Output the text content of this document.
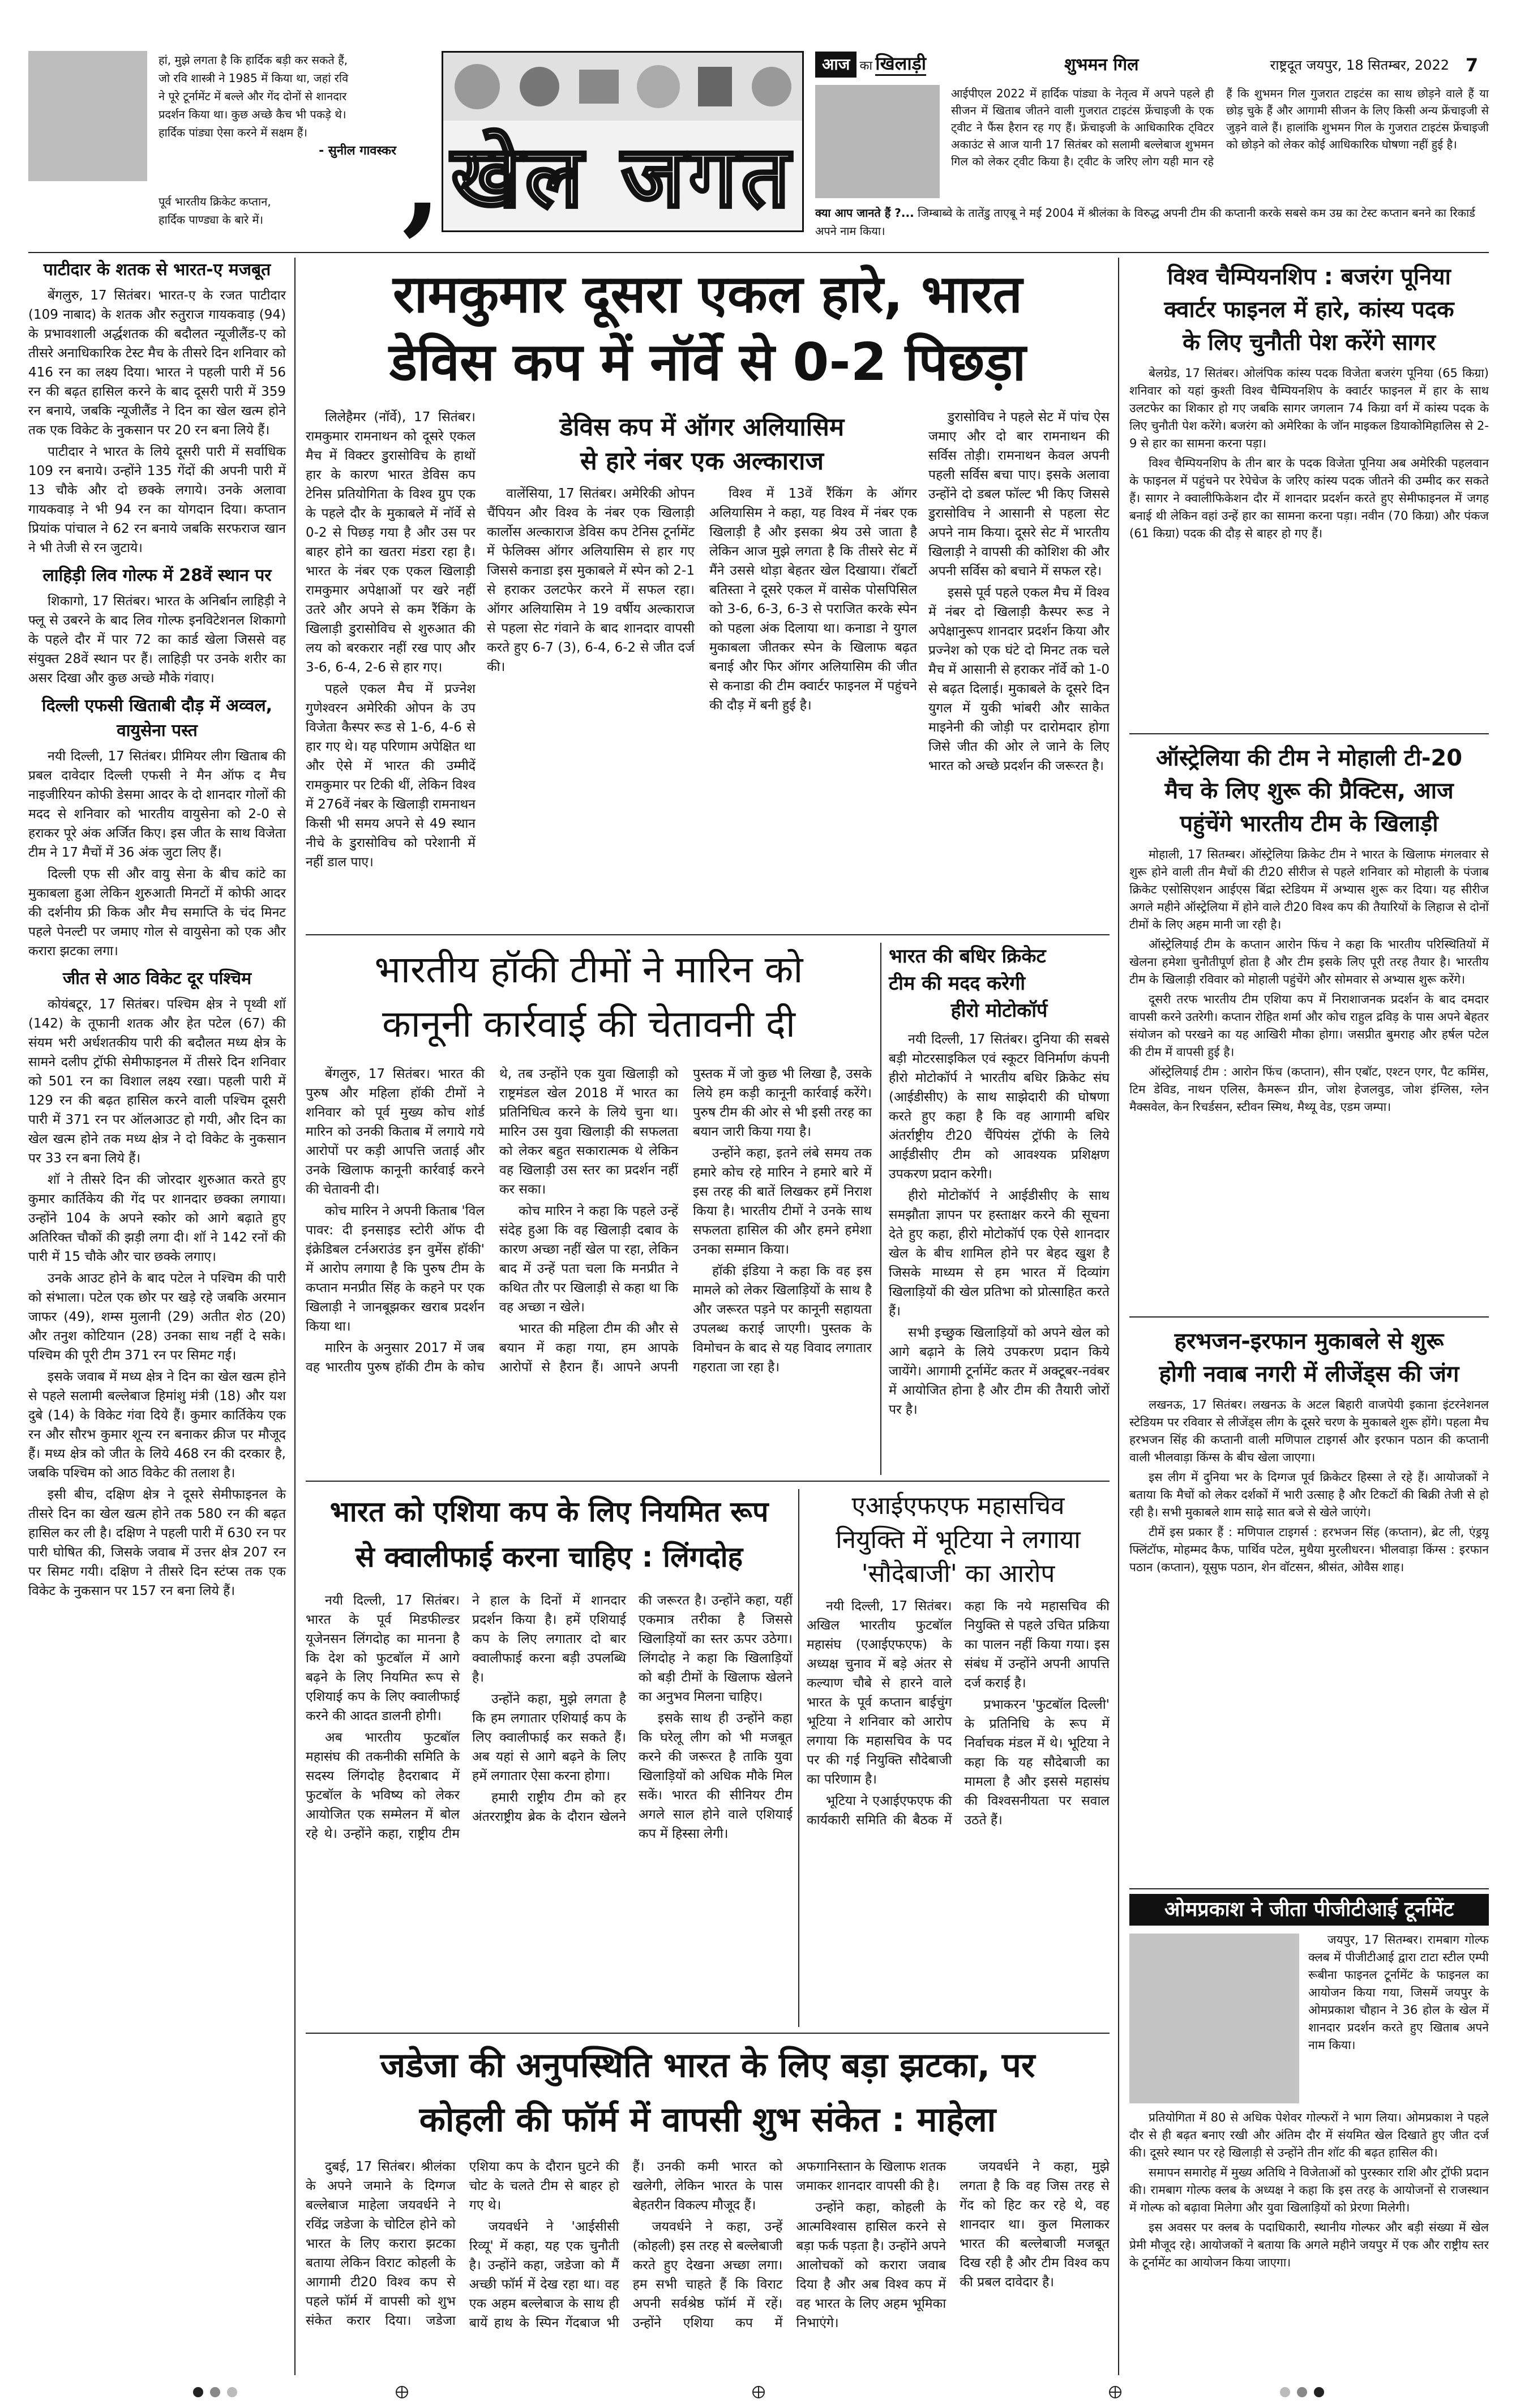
हां, मुझे लगता है कि हार्दिक बड़ी कर सकते हैं,
जो रवि शास्त्री ने 1985 में किया था, जहां रवि
ने पूरे टूर्नामेंट में बल्ले और गेंद दोनों से शानदार
प्रदर्शन किया था। कुछ अच्छे कैच भी पकड़े थे।
हार्दिक पांड्या ऐसा करने में सक्षम हैं।
- सुनील गावस्कर
पूर्व भारतीय क्रिकेट कप्तान,
हार्दिक पाण्ड्या के बारे में।	, खेल जगत
आज का खिलाड़ी	शुभमन गिल	राष्ट्रदूत जयपुर, 18 सितम्बर, 2022 7
आईपीएल 2022 में हार्दिक पांड्या के नेतृत्व में अपने पहले ही सीजन में खिताब जीतने वाली गुजरात टाइटंस फ्रेंचाइजी के एक ट्वीट ने फैंस हैरान रह गए हैं। फ्रेंचाइजी के आधिकारिक ट्विटर अकाउंट से आज यानी 17 सितंबर को सलामी बल्लेबाज शुभमन गिल को लेकर ट्वीट किया है। ट्वीट के जरिए लोग यही मान रहे हैं कि शुभमन गिल गुजरात टाइटंस का साथ छोड़ने वाले हैं या छोड़ चुके हैं और आगामी सीजन के लिए किसी अन्य फ्रेंचाइजी से जुड़ने वाले हैं। हालांकि शुभमन गिल के गुजरात टाइटंस फ्रेंचाइजी को छोड़ने को लेकर कोई आधिकारिक घोषणा नहीं हुई है।
क्या आप जानते हैं ?... जिम्बाब्वे के तातेंडु ताएबू ने मई 2004 में श्रीलंका के विरुद्ध अपनी टीम की कप्तानी करके सबसे कम उम्र का टेस्ट कप्तान बनने का रिकार्ड अपने नाम किया।
पाटीदार के शतक से भारत-ए मजबूत

बेंगलुरु, 17 सितंबर। भारत-ए के रजत पाटीदार (109 नाबाद) के शतक और रुतुराज गायकवाड़ (94) के प्रभावशाली अर्द्धशतक की बदौलत न्यूजीलैंड-ए को तीसरे अनाधिकारिक टेस्ट मैच के तीसरे दिन शनिवार को 416 रन का लक्ष्य दिया। भारत ने पहली पारी में 56 रन की बढ़त हासिल करने के बाद दूसरी पारी में 359 रन बनाये, जबकि न्यूजीलैंड ने दिन का खेल खत्म होने तक एक विकेट के नुकसान पर 20 रन बना लिये हैं।

पाटीदार ने भारत के लिये दूसरी पारी में सर्वाधिक 109 रन बनाये। उन्होंने 135 गेंदों की अपनी पारी में 13 चौके और दो छक्के लगाये। उनके अलावा गायकवाड़ ने भी 94 रन का योगदान दिया। कप्तान प्रियांक पांचाल ने 62 रन बनाये जबकि सरफराज खान ने भी तेजी से रन जुटाये।

लाहिड़ी लिव गोल्फ में 28वें स्थान पर

शिकागो, 17 सितंबर। भारत के अनिर्बान लाहिड़ी ने फ्लू से उबरने के बाद लिव गोल्फ इनविटेशनल शिकागो के पहले दौर में पार 72 का कार्ड खेला जिससे वह संयुक्त 28वें स्थान पर हैं। लाहिड़ी पर उनके शरीर का असर दिखा और कुछ अच्छे मौके गंवाए।

दिल्ली एफसी खिताबी दौड़ में अव्वल, वायुसेना पस्त

नयी दिल्ली, 17 सितंबर। प्रीमियर लीग खिताब की प्रबल दावेदार दिल्ली एफसी ने मैन ऑफ द मैच नाइजीरियन कोफी डेसमा आदर के दो शानदार गोलों की मदद से शनिवार को भारतीय वायुसेना को 2-0 से हराकर पूरे अंक अर्जित किए। इस जीत के साथ विजेता टीम ने 17 मैचों में 36 अंक जुटा लिए हैं।

दिल्ली एफ सी और वायु सेना के बीच कांटे का मुकाबला हुआ लेकिन शुरुआती मिनटों में कोफी आदर की दर्शनीय फ्री किक और मैच समाप्ति के चंद मिनट पहले पेनल्टी पर जमाए गोल से वायुसेना को एक और करारा झटका लगा।

जीत से आठ विकेट दूर पश्चिम

कोयंबटूर, 17 सितंबर। पश्चिम क्षेत्र ने पृथ्वी शॉ (142) के तूफानी शतक और हेत पटेल (67) की संयम भरी अर्धशतकीय पारी की बदौलत मध्य क्षेत्र के सामने दलीप ट्रॉफी सेमीफाइनल में तीसरे दिन शनिवार को 501 रन का विशाल लक्ष्य रखा। पहली पारी में 129 रन की बढ़त हासिल करने वाली पश्चिम दूसरी पारी में 371 रन पर ऑलआउट हो गयी, और दिन का खेल खत्म होने तक मध्य क्षेत्र ने दो विकेट के नुकसान पर 33 रन बना लिये हैं।

शॉ ने तीसरे दिन की जोरदार शुरुआत करते हुए कुमार कार्तिकेय की गेंद पर शानदार छक्का लगाया। उन्होंने 104 के अपने स्कोर को आगे बढ़ाते हुए अतिरिक्त चौकों की झड़ी लगा दी। शॉ ने 142 रनों की पारी में 15 चौके और चार छक्के लगाए।

उनके आउट होने के बाद पटेल ने पश्चिम की पारी को संभाला। पटेल एक छोर पर खड़े रहे जबकि अरमान जाफर (49), शम्स मुलानी (29) अतीत शेठ (20) और तनुश कोटियान (28) उनका साथ नहीं दे सके। पश्चिम की पूरी टीम 371 रन पर सिमट गई।

इसके जवाब में मध्य क्षेत्र ने दिन का खेल खत्म होने से पहले सलामी बल्लेबाज हिमांशु मंत्री (18) और यश दुबे (14) के विकेट गंवा दिये हैं। कुमार कार्तिकेय एक रन और सौरभ कुमार शून्य रन बनाकर क्रीज पर मौजूद हैं। मध्य क्षेत्र को जीत के लिये 468 रन की दरकार है, जबकि पश्चिम को आठ विकेट की तलाश है।

इसी बीच, दक्षिण क्षेत्र ने दूसरे सेमीफाइनल के तीसरे दिन का खेल खत्म होने तक 580 रन की बढ़त हासिल कर ली है। दक्षिण ने पहली पारी में 630 रन पर पारी घोषित की, जिसके जवाब में उत्तर क्षेत्र 207 रन पर सिमट गयी। दक्षिण ने तीसरे दिन स्टंप्स तक एक विकेट के नुकसान पर 157 रन बना लिये हैं।

रामकुमार दूसरा एकल हारे, भारत
डेविस कप में नॉर्वे से 0-2 पिछड़ा

लिलेहैमर (नॉर्वे), 17 सितंबर। रामकुमार रामनाथन को दूसरे एकल मैच में विक्टर डुरासोविच के हाथों हार के कारण भारत डेविस कप टेनिस प्रतियोगिता के विश्व ग्रुप एक के पहले दौर के मुकाबले में नॉर्वे से 0-2 से पिछड़ गया है और उस पर बाहर होने का खतरा मंडरा रहा है। भारत के नंबर एक एकल खिलाड़ी रामकुमार अपेक्षाओं पर खरे नहीं उतरे और अपने से कम रैंकिंग के खिलाड़ी डुरासोविच से शुरुआत की लय को बरकरार नहीं रख पाए और 3-6, 6-4, 2-6 से हार गए।

पहले एकल मैच में प्रज्नेश गुणेश्वरन अमेरिकी ओपन के उप विजेता कैस्पर रूड से 1-6, 4-6 से हार गए थे। यह परिणाम अपेक्षित था और ऐसे में भारत की उम्मीदें रामकुमार पर टिकी थीं, लेकिन विश्व में 276वें नंबर के खिलाड़ी रामनाथन किसी भी समय अपने से 49 स्थान नीचे के डुरासोविच को परेशानी में नहीं डाल पाए।

डेविस कप में ऑगर अलियासिम
से हारे नंबर एक अल्काराज

वालेंसिया, 17 सितंबर। अमेरिकी ओपन चैंपियन और विश्व के नंबर एक खिलाड़ी कार्लोस अल्काराज डेविस कप टेनिस टूर्नामेंट में फेलिक्स ऑगर अलियासिम से हार गए जिससे कनाडा इस मुकाबले में स्पेन को 2-1 से हराकर उलटफेर करने में सफल रहा। ऑगर अलियासिम ने 19 वर्षीय अल्काराज से पहला सेट गंवाने के बाद शानदार वापसी करते हुए 6-7 (3), 6-4, 6-2 से जीत दर्ज की।

विश्व में 13वें रैंकिंग के ऑगर अलियासिम ने कहा, यह विश्व में नंबर एक खिलाड़ी है और इसका श्रेय उसे जाता है लेकिन आज मुझे लगता है कि तीसरे सेट में मैंने उससे थोड़ा बेहतर खेल दिखाया। रॉबर्टो बतिस्ता ने दूसरे एकल में वासेक पोसपिसिल को 3-6, 6-3, 6-3 से पराजित करके स्पेन को पहला अंक दिलाया था। कनाडा ने युगल मुकाबला जीतकर स्पेन के खिलाफ बढ़त बनाई और फिर ऑगर अलियासिम की जीत से कनाडा की टीम क्वार्टर फाइनल में पहुंचने की दौड़ में बनी हुई है।

डुरासोविच ने पहले सेट में पांच ऐस जमाए और दो बार रामनाथन की सर्विस तोड़ी। रामनाथन केवल अपनी पहली सर्विस बचा पाए। इसके अलावा उन्होंने दो डबल फॉल्ट भी किए जिससे डुरासोविच ने आसानी से पहला सेट अपने नाम किया। दूसरे सेट में भारतीय खिलाड़ी ने वापसी की कोशिश की और अपनी सर्विस को बचाने में सफल रहे।

इससे पूर्व पहले एकल मैच में विश्व में नंबर दो खिलाड़ी कैस्पर रूड ने अपेक्षानुरूप शानदार प्रदर्शन किया और प्रज्नेश को एक घंटे दो मिनट तक चले मैच में आसानी से हराकर नॉर्वे को 1-0 से बढ़त दिलाई। मुकाबले के दूसरे दिन युगल में युकी भांबरी और साकेत माइनेनी की जोड़ी पर दारोमदार होगा जिसे जीत की ओर ले जाने के लिए भारत को अच्छे प्रदर्शन की जरूरत है।

भारतीय हॉकी टीमों ने मारिन को
कानूनी कार्रवाई की चेतावनी दी

बेंगलुरु, 17 सितंबर। भारत की पुरुष और महिला हॉकी टीमों ने शनिवार को पूर्व मुख्य कोच शोर्ड मारिन को उनकी किताब में लगाये गये आरोपों पर कड़ी आपत्ति जताई और उनके खिलाफ कानूनी कार्रवाई करने की चेतावनी दी।

कोच मारिन ने अपनी किताब 'विल पावर: दी इनसाइड स्टोरी ऑफ दी इंक्रेडिबल टर्नअराउंड इन वुमेंस हॉकी' में आरोप लगाया है कि पुरुष टीम के कप्तान मनप्रीत सिंह के कहने पर एक खिलाड़ी ने जानबूझकर खराब प्रदर्शन किया था।

मारिन के अनुसार 2017 में जब वह भारतीय पुरुष हॉकी टीम के कोच थे, तब उन्होंने एक युवा खिलाड़ी को राष्ट्रमंडल खेल 2018 में भारत का प्रतिनिधित्व करने के लिये चुना था। मारिन उस युवा खिलाड़ी की सफलता को लेकर बहुत सकारात्मक थे लेकिन वह खिलाड़ी उस स्तर का प्रदर्शन नहीं कर सका।

कोच मारिन ने कहा कि पहले उन्हें संदेह हुआ कि वह खिलाड़ी दबाव के कारण अच्छा नहीं खेल पा रहा, लेकिन बाद में उन्हें पता चला कि मनप्रीत ने कथित तौर पर खिलाड़ी से कहा था कि वह अच्छा न खेले।

भारत की महिला टीम की और से बयान में कहा गया, हम आपके आरोपों से हैरान हैं। आपने अपनी पुस्तक में जो कुछ भी लिखा है, उसके लिये हम कड़ी कानूनी कार्रवाई करेंगे। पुरुष टीम की ओर से भी इसी तरह का बयान जारी किया गया है।

उन्होंने कहा, इतने लंबे समय तक हमारे कोच रहे मारिन ने हमारे बारे में इस तरह की बातें लिखकर हमें निराश किया है। भारतीय टीमों ने उनके साथ सफलता हासिल की और हमने हमेशा उनका सम्मान किया।

हॉकी इंडिया ने कहा कि वह इस मामले को लेकर खिलाड़ियों के साथ है और जरूरत पड़ने पर कानूनी सहायता उपलब्ध कराई जाएगी। पुस्तक के विमोचन के बाद से यह विवाद लगातार गहराता जा रहा है।

भारत की बधिर क्रिकेट
टीम की मदद करेगी
हीरो मोटोकॉर्प

नयी दिल्ली, 17 सितंबर। दुनिया की सबसे बड़ी मोटरसाइकिल एवं स्कूटर विनिर्माण कंपनी हीरो मोटोकॉर्प ने भारतीय बधिर क्रिकेट संघ (आईडीसीए) के साथ साझेदारी की घोषणा करते हुए कहा है कि वह आगामी बधिर अंतर्राष्ट्रीय टी20 चैंपियंस ट्रॉफी के लिये आईडीसीए टीम को आवश्यक प्रशिक्षण उपकरण प्रदान करेगी।

हीरो मोटोकॉर्प ने आईडीसीए के साथ समझौता ज्ञापन पर हस्ताक्षर करने की सूचना देते हुए कहा, हीरो मोटोकॉर्प एक ऐसे शानदार खेल के बीच शामिल होने पर बेहद खुश है जिसके माध्यम से हम भारत में दिव्यांग खिलाड़ियों की खेल प्रतिभा को प्रोत्साहित करते हैं।

सभी इच्छुक खिलाड़ियों को अपने खेल को आगे बढ़ाने के लिये उपकरण प्रदान किये जायेंगे। आगामी टूर्नामेंट कतर में अक्टूबर-नवंबर में आयोजित होना है और टीम की तैयारी जोरों पर है।

भारत को एशिया कप के लिए नियमित रूप
से क्वालीफाई करना चाहिए : लिंगदोह

नयी दिल्ली, 17 सितंबर। भारत के पूर्व मिडफील्डर यूजेनसन लिंगदोह का मानना है कि देश को फुटबॉल में आगे बढ़ने के लिए नियमित रूप से एशियाई कप के लिए क्वालीफाई करने की आदत डालनी होगी।

अब भारतीय फुटबॉल महासंघ की तकनीकी समिति के सदस्य लिंगदोह हैदराबाद में फुटबॉल के भविष्य को लेकर आयोजित एक सम्मेलन में बोल रहे थे। उन्होंने कहा, राष्ट्रीय टीम ने हाल के दिनों में शानदार प्रदर्शन किया है। हमें एशियाई कप के लिए लगातार दो बार क्वालीफाई करना बड़ी उपलब्धि है।

उन्होंने कहा, मुझे लगता है कि हम लगातार एशियाई कप के लिए क्वालीफाई कर सकते हैं। अब यहां से आगे बढ़ने के लिए हमें लगातार ऐसा करना होगा।

हमारी राष्ट्रीय टीम को हर अंतरराष्ट्रीय ब्रेक के दौरान खेलने की जरूरत है। उन्होंने कहा, यहीं एकमात्र तरीका है जिससे खिलाड़ियों का स्तर ऊपर उठेगा। लिंगदोह ने कहा कि खिलाड़ियों को बड़ी टीमों के खिलाफ खेलने का अनुभव मिलना चाहिए।

इसके साथ ही उन्होंने कहा कि घरेलू लीग को भी मजबूत करने की जरूरत है ताकि युवा खिलाड़ियों को अधिक मौके मिल सकें। भारत की सीनियर टीम अगले साल होने वाले एशियाई कप में हिस्सा लेगी।

एआईएफएफ महासचिव
नियुक्ति में भूटिया ने लगाया
'सौदेबाजी' का आरोप

नयी दिल्ली, 17 सितंबर। अखिल भारतीय फुटबॉल महासंघ (एआईएफएफ) के अध्यक्ष चुनाव में बड़े अंतर से कल्याण चौबे से हारने वाले भारत के पूर्व कप्तान बाईचुंग भूटिया ने शनिवार को आरोप लगाया कि महासचिव के पद पर की गई नियुक्ति सौदेबाजी का परिणाम है।

भूटिया ने एआईएफएफ की कार्यकारी समिति की बैठक में कहा कि नये महासचिव की नियुक्ति से पहले उचित प्रक्रिया का पालन नहीं किया गया। इस संबंध में उन्होंने अपनी आपत्ति दर्ज कराई है।

प्रभाकरन 'फुटबॉल दिल्ली' के प्रतिनिधि के रूप में निर्वाचक मंडल में थे। भूटिया ने कहा कि यह सौदेबाजी का मामला है और इससे महासंघ की विश्वसनीयता पर सवाल उठते हैं।

जडेजा की अनुपस्थिति भारत के लिए बड़ा झटका, पर
कोहली की फॉर्म में वापसी शुभ संकेत : माहेला

दुबई, 17 सितंबर। श्रीलंका के अपने जमाने के दिग्गज बल्लेबाज माहेला जयवर्धने ने रविंद्र जडेजा के चोटिल होने को भारत के लिए करारा झटका बताया लेकिन विराट कोहली के आगामी टी20 विश्व कप से पहले फॉर्म में वापसी को शुभ संकेत करार दिया। जडेजा एशिया कप के दौरान घुटने की चोट के चलते टीम से बाहर हो गए थे।

जयवर्धने ने 'आईसीसी रिव्यू' में कहा, यह एक चुनौती है। उन्होंने कहा, जडेजा को मैं अच्छी फॉर्म में देख रहा था। वह एक अहम बल्लेबाज के साथ ही बायें हाथ के स्पिन गेंदबाज भी हैं। उनकी कमी भारत को खलेगी, लेकिन भारत के पास बेहतरीन विकल्प मौजूद हैं।

जयवर्धने ने कहा, उन्हें (कोहली) इस तरह से बल्लेबाजी करते हुए देखना अच्छा लगा। हम सभी चाहते हैं कि विराट अपनी सर्वश्रेष्ठ फॉर्म में रहें। उन्होंने एशिया कप में अफगानिस्तान के खिलाफ शतक जमाकर शानदार वापसी की है।

उन्होंने कहा, कोहली के आत्मविश्वास हासिल करने से बड़ा फर्क पड़ता है। उन्होंने अपने आलोचकों को करारा जवाब दिया है और अब विश्व कप में वह भारत के लिए अहम भूमिका निभाएंगे।

जयवर्धने ने कहा, मुझे लगता है कि वह जिस तरह से गेंद को हिट कर रहे थे, वह शानदार था। कुल मिलाकर भारत की बल्लेबाजी मजबूत दिख रही है और टीम विश्व कप की प्रबल दावेदार है।

विश्व चैम्पियनशिप : बजरंग पूनिया
क्वार्टर फाइनल में हारे, कांस्य पदक
के लिए चुनौती पेश करेंगे सागर

बेलग्रेड, 17 सितंबर। ओलंपिक कांस्य पदक विजेता बजरंग पूनिया (65 किग्रा) शनिवार को यहां कुश्ती विश्व चैम्पियनशिप के क्वार्टर फाइनल में हार के साथ उलटफेर का शिकार हो गए जबकि सागर जगलान 74 किग्रा वर्ग में कांस्य पदक के लिए चुनौती पेश करेंगे। बजरंग को अमेरिका के जॉन माइकल डियाकोमिहालिस से 2-9 से हार का सामना करना पड़ा।

विश्व चैम्पियनशिप के तीन बार के पदक विजेता पूनिया अब अमेरिकी पहलवान के फाइनल में पहुंचने पर रेपेचेज के जरिए कांस्य पदक जीतने की उम्मीद कर सकते हैं। सागर ने क्वालीफिकेशन दौर में शानदार प्रदर्शन करते हुए सेमीफाइनल में जगह बनाई थी लेकिन वहां उन्हें हार का सामना करना पड़ा। नवीन (70 किग्रा) और पंकज (61 किग्रा) पदक की दौड़ से बाहर हो गए हैं।

ऑस्ट्रेलिया की टीम ने मोहाली टी-20
मैच के लिए शुरू की प्रैक्टिस, आज
पहुंचेंगे भारतीय टीम के खिलाड़ी

मोहाली, 17 सितम्बर। ऑस्ट्रेलिया क्रिकेट टीम ने भारत के खिलाफ मंगलवार से शुरू होने वाली तीन मैचों की टी20 सीरीज से पहले शनिवार को मोहाली के पंजाब क्रिकेट एसोसिएशन आईएस बिंद्रा स्टेडियम में अभ्यास शुरू कर दिया। यह सीरीज अगले महीने ऑस्ट्रेलिया में होने वाले टी20 विश्व कप की तैयारियों के लिहाज से दोनों टीमों के लिए अहम मानी जा रही है।

ऑस्ट्रेलियाई टीम के कप्तान आरोन फिंच ने कहा कि भारतीय परिस्थितियों में खेलना हमेशा चुनौतीपूर्ण होता है और टीम इसके लिए पूरी तरह तैयार है। भारतीय टीम के खिलाड़ी रविवार को मोहाली पहुंचेंगे और सोमवार से अभ्यास शुरू करेंगे।

दूसरी तरफ भारतीय टीम एशिया कप में निराशाजनक प्रदर्शन के बाद दमदार वापसी करने उतरेगी। कप्तान रोहित शर्मा और कोच राहुल द्रविड़ के पास अपने बेहतर संयोजन को परखने का यह आखिरी मौका होगा। जसप्रीत बुमराह और हर्षल पटेल की टीम में वापसी हुई है।

ऑस्ट्रेलियाई टीम : आरोन फिंच (कप्तान), सीन एबॉट, एश्टन एगर, पैट कमिंस, टिम डेविड, नाथन एलिस, कैमरून ग्रीन, जोश हेजलवुड, जोश इंग्लिस, ग्लेन मैक्सवेल, केन रिचर्डसन, स्टीवन स्मिथ, मैथ्यू वेड, एडम जम्पा।

हरभजन-इरफान मुकाबले से शुरू
होगी नवाब नगरी में लीजेंड्स की जंग

लखनऊ, 17 सितंबर। लखनऊ के अटल बिहारी वाजपेयी इकाना इंटरनेशनल स्टेडियम पर रविवार से लीजेंड्स लीग के दूसरे चरण के मुकाबले शुरू होंगे। पहला मैच हरभजन सिंह की कप्तानी वाली मणिपाल टाइगर्स और इरफान पठान की कप्तानी वाली भीलवाड़ा किंग्स के बीच खेला जाएगा।

इस लीग में दुनिया भर के दिग्गज पूर्व क्रिकेटर हिस्सा ले रहे हैं। आयोजकों ने बताया कि मैचों को लेकर दर्शकों में भारी उत्साह है और टिकटों की बिक्री तेजी से हो रही है। सभी मुकाबले शाम साढ़े सात बजे से खेले जाएंगे।

टीमें इस प्रकार हैं : मणिपाल टाइगर्स : हरभजन सिंह (कप्तान), ब्रेट ली, एंड्रयू फ्लिंटॉफ, मोहम्मद कैफ, पार्थिव पटेल, मुथैया मुरलीधरन। भीलवाड़ा किंग्स : इरफान पठान (कप्तान), यूसुफ पठान, शेन वॉटसन, श्रीसंत, ओवैस शाह।

ओमप्रकाश ने जीता पीजीटीआई टूर्नामेंट

जयपुर, 17 सितम्बर। रामबाग गोल्फ क्लब में पीजीटीआई द्वारा टाटा स्टील एम्पी रूबीना फाइनल टूर्नामेंट के फाइनल का आयोजन किया गया, जिसमें जयपुर के ओमप्रकाश चौहान ने 36 होल के खेल में शानदार प्रदर्शन करते हुए खिताब अपने नाम किया।

प्रतियोगिता में 80 से अधिक पेशेवर गोल्फरों ने भाग लिया। ओमप्रकाश ने पहले दौर से ही बढ़त बनाए रखी और अंतिम दौर में संयमित खेल दिखाते हुए जीत दर्ज की। दूसरे स्थान पर रहे खिलाड़ी से उन्होंने तीन शॉट की बढ़त हासिल की।

समापन समारोह में मुख्य अतिथि ने विजेताओं को पुरस्कार राशि और ट्रॉफी प्रदान की। रामबाग गोल्फ क्लब के अध्यक्ष ने कहा कि इस तरह के आयोजनों से राजस्थान में गोल्फ को बढ़ावा मिलेगा और युवा खिलाड़ियों को प्रेरणा मिलेगी।

इस अवसर पर क्लब के पदाधिकारी, स्थानीय गोल्फर और बड़ी संख्या में खेल प्रेमी मौजूद रहे। आयोजकों ने बताया कि अगले महीने जयपुर में एक और राष्ट्रीय स्तर के टूर्नामेंट का आयोजन किया जाएगा।
